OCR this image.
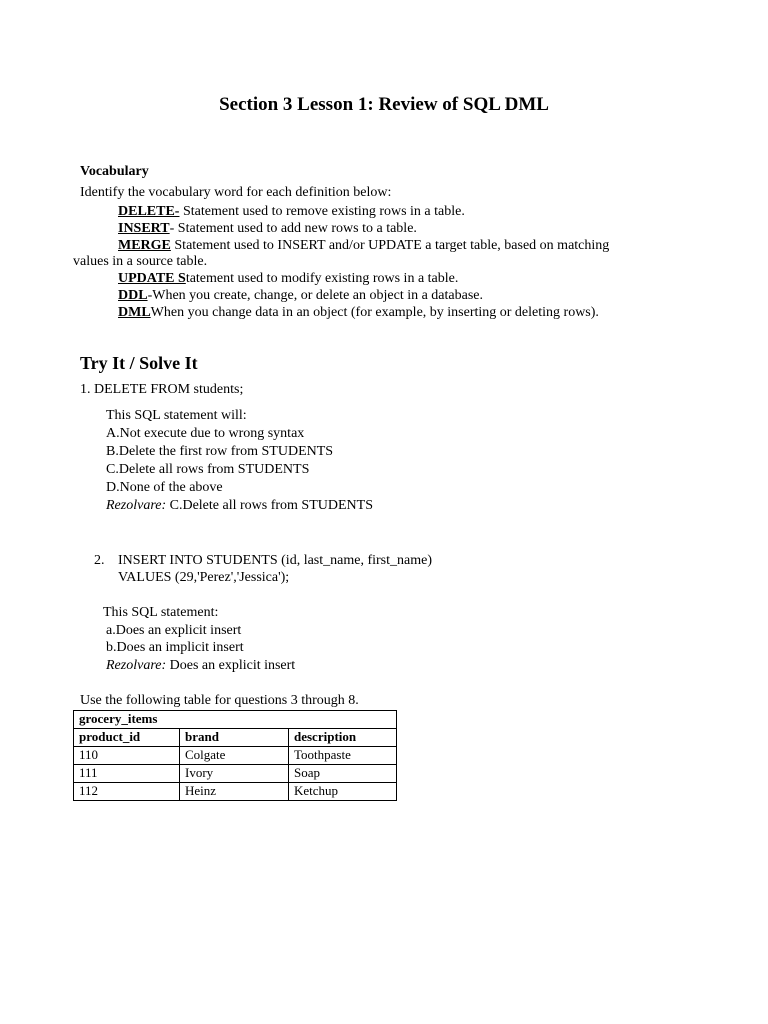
Section 3 Lesson 1: Review of SQL DML
Vocabulary
Identify the vocabulary word for each definition below:
DELETE- Statement used to remove existing rows in a table.
INSERT- Statement used to add new rows to a table.
MERGE Statement used to INSERT and/or UPDATE a target table, based on matching
values in a source table.
UPDATE Statement used to modify existing rows in a table.
DDL-When you create, change, or delete an object in a database.
DMLWhen you change data in an object (for example, by inserting or deleting rows).
Try It / Solve It
1. DELETE FROM students;
This SQL statement will:
A.Not execute due to wrong syntax
B.Delete the first row from STUDENTS
C.Delete all rows from STUDENTS
D.None of the above
Rezolvare: C.Delete all rows from STUDENTS
2. INSERT INTO STUDENTS (id, last_name, first_name)
VALUES (29,'Perez','Jessica');
This SQL statement:
a.Does an explicit insert
b.Does an implicit insert
Rezolvare: Does an explicit insert
Use the following table for questions 3 through 8.
grocery_items		
product_id	brand	description
110	Colgate	Toothpaste
111	Ivory	Soap
112	Heinz	Ketchup
